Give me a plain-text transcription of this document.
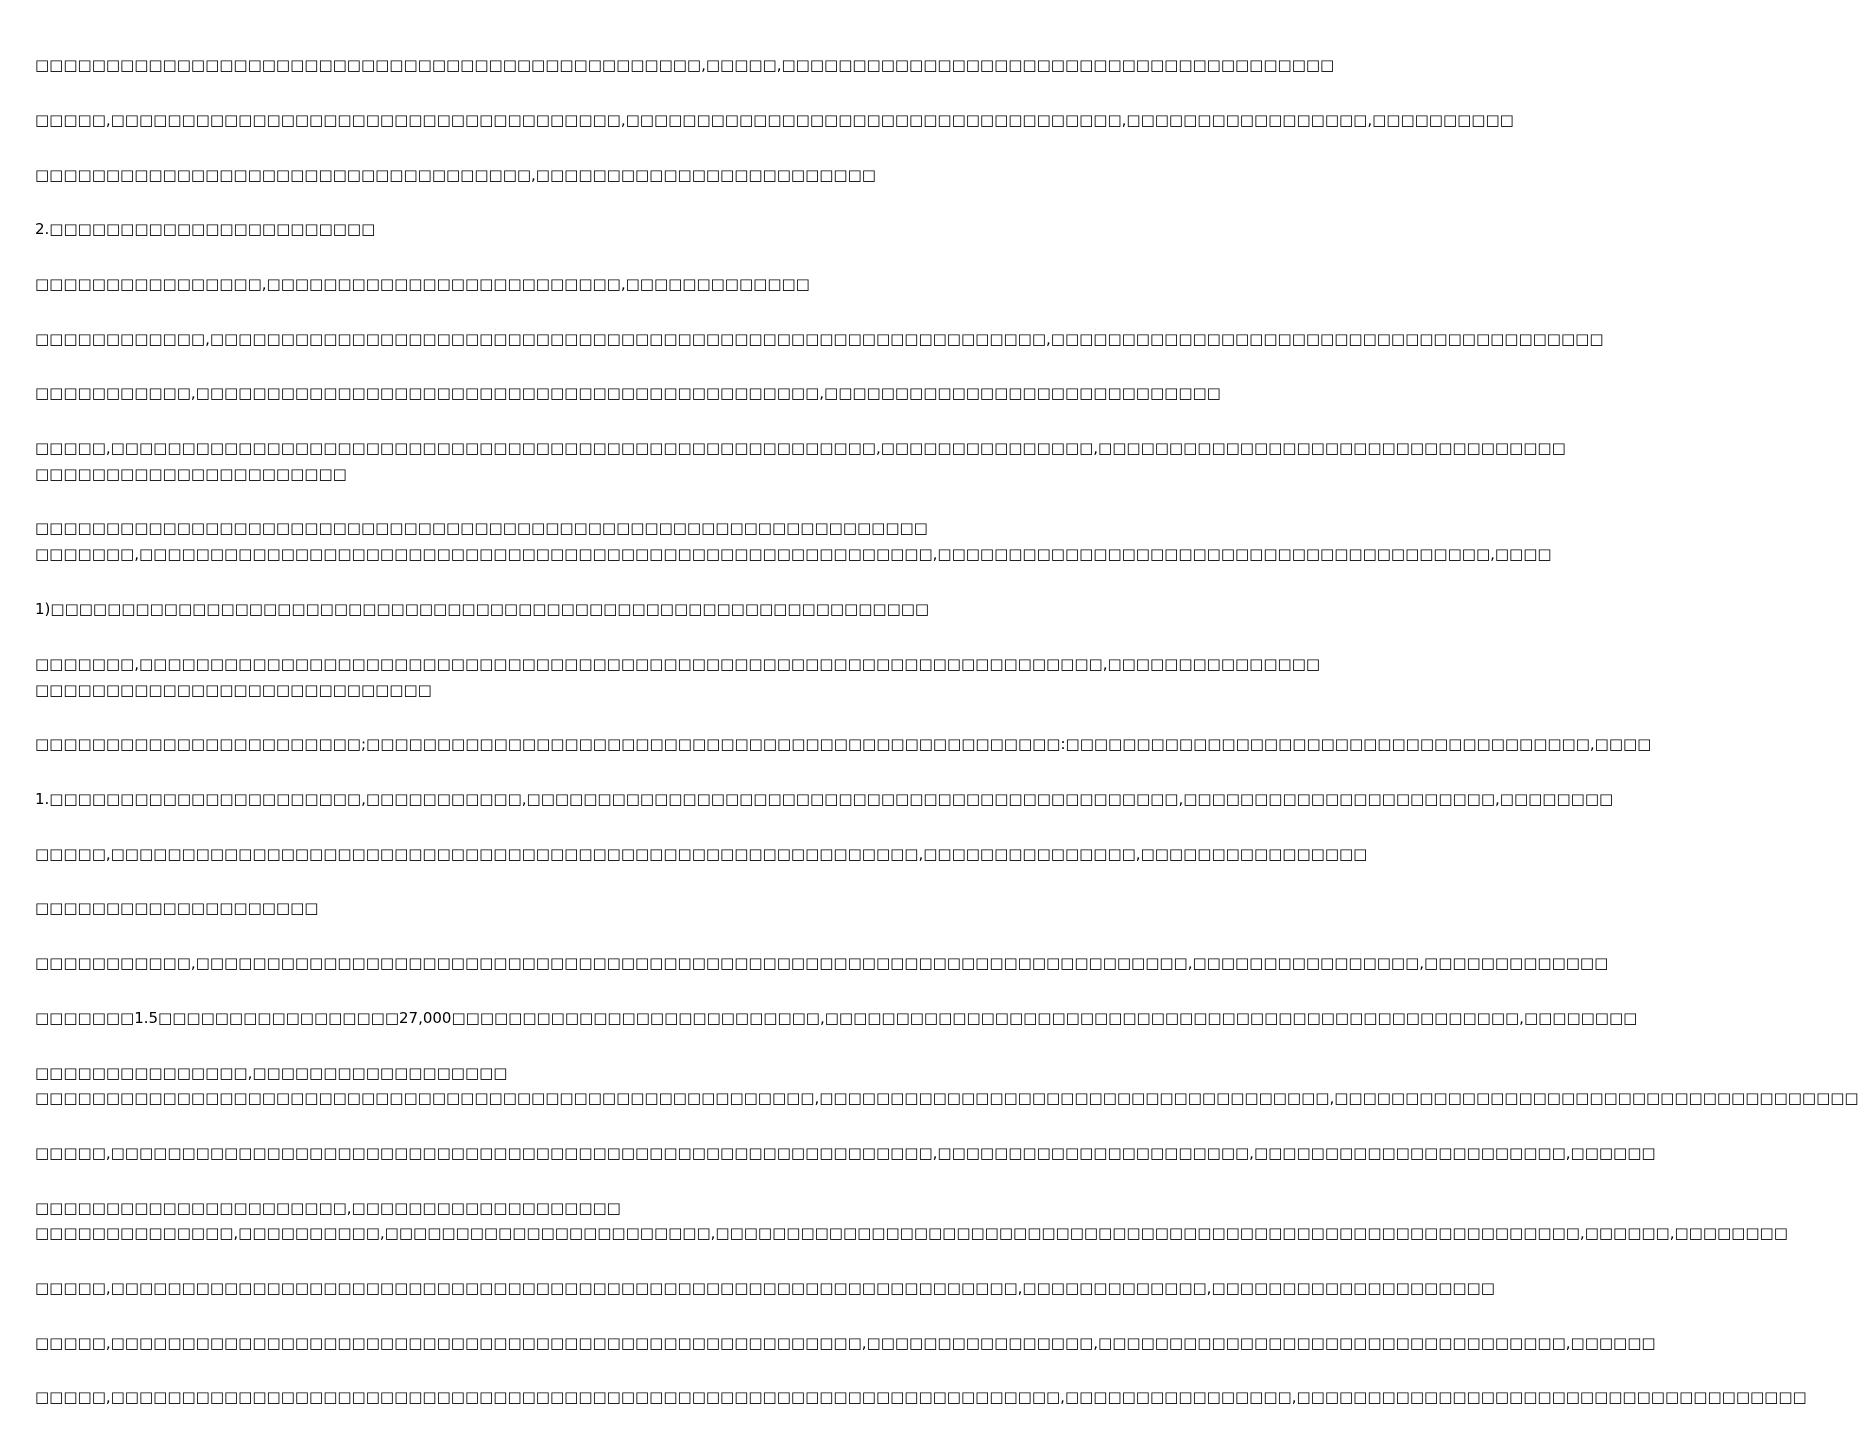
□□□□□□□□□□□□□□□□□□□□□□□□□□□□□□□□□□□□□□□□□□□□□□□,□□□□□,□□□□□□□□□□□□□□□□□□□□□□□□□□□□□□□□□□□□□□□
□□□□□,□□□□□□□□□□□□□□□□□□□□□□□□□□□□□□□□□□□□,□□□□□□□□□□□□□□□□□□□□□□□□□□□□□□□□□□□,□□□□□□□□□□□□□□□□□,□□□□□□□□□□
□□□□□□□□□□□□□□□□□□□□□□□□□□□□□□□□□□□,□□□□□□□□□□□□□□□□□□□□□□□□
2.□□□□□□□□□□□□□□□□□□□□□□□
□□□□□□□□□□□□□□□□,□□□□□□□□□□□□□□□□□□□□□□□□□,□□□□□□□□□□□□□
□□□□□□□□□□□□,□□□□□□□□□□□□□□□□□□□□□□□□□□□□□□□□□□□□□□□□□□□□□□□□□□□□□□□□□□□,□□□□□□□□□□□□□□□□□□□□□□□□□□□□□□□□□□□□□□□
□□□□□□□□□□□,□□□□□□□□□□□□□□□□□□□□□□□□□□□□□□□□□□□□□□□□□□□□,□□□□□□□□□□□□□□□□□□□□□□□□□□□□
□□□□□,□□□□□□□□□□□□□□□□□□□□□□□□□□□□□□□□□□□□□□□□□□□□□□□□□□□□□□,□□□□□□□□□□□□□□□,□□□□□□□□□□□□□□□□□□□□□□□□□□□□□□□□□
□□□□□□□□□□□□□□□□□□□□□□
□□□□□□□□□□□□□□□□□□□□□□□□□□□□□□□□□□□□□□□□□□□□□□□□□□□□□□□□□□□□□□□
□□□□□□□,□□□□□□□□□□□□□□□□□□□□□□□□□□□□□□□□□□□□□□□□□□□□□□□□□□□□□□□□,□□□□□□□□□□□□□□□□□□□□□□□□□□□□□□□□□□□□□□□,□□□□
1)□□□□□□□□□□□□□□□□□□□□□□□□□□□□□□□□□□□□□□□□□□□□□□□□□□□□□□□□□□□□□□
□□□□□□□,□□□□□□□□□□□□□□□□□□□□□□□□□□□□□□□□□□□□□□□□□□□□□□□□□□□□□□□□□□□□□□□□□□□□,□□□□□□□□□□□□□□□
□□□□□□□□□□□□□□□□□□□□□□□□□□□□
□□□□□□□□□□□□□□□□□□□□□□□;□□□□□□□□□□□□□□□□□□□□□□□□□□□□□□□□□□□□□□□□□□□□□□□□□:□□□□□□□□□□□□□□□□□□□□□□□□□□□□□□□□□□□□□,□□□□
1.□□□□□□□□□□□□□□□□□□□□□□,□□□□□□□□□□□,□□□□□□□□□□□□□□□□□□□□□□□□□□□□□□□□□□□□□□□□□□□□□□,□□□□□□□□□□□□□□□□□□□□□□,□□□□□□□□
□□□□□,□□□□□□□□□□□□□□□□□□□□□□□□□□□□□□□□□□□□□□□□□□□□□□□□□□□□□□□□□,□□□□□□□□□□□□□□□,□□□□□□□□□□□□□□□□
□□□□□□□□□□□□□□□□□□□□
□□□□□□□□□□□,□□□□□□□□□□□□□□□□□□□□□□□□□□□□□□□□□□□□□□□□□□□□□□□□□□□□□□□□□□□□□□□□□□□□□□,□□□□□□□□□□□□□□□□,□□□□□□□□□□□□□
□□□□□□□1.5□□□□□□□□□□□□□□□□□27,000□□□□□□□□□□□□□□□□□□□□□□□□□□,□□□□□□□□□□□□□□□□□□□□□□□□□□□□□□□□□□□□□□□□□□□□□□□□□,□□□□□□□□
□□□□□□□□□□□□□□□,□□□□□□□□□□□□□□□□□□
□□□□□□□□□□□□□□□□□□□□□□□□□□□□□□□□□□□□□□□□□□□□□□□□□□□□□□□,□□□□□□□□□□□□□□□□□□□□□□□□□□□□□□□□□□□□,□□□□□□□□□□□□□□□□□□□□□□□□□□□□□□□□□□□□□
□□□□□,□□□□□□□□□□□□□□□□□□□□□□□□□□□□□□□□□□□□□□□□□□□□□□□□□□□□□□□□□□,□□□□□□□□□□□□□□□□□□□□□□,□□□□□□□□□□□□□□□□□□□□□□,□□□□□□
□□□□□□□□□□□□□□□□□□□□□□,□□□□□□□□□□□□□□□□□□□
□□□□□□□□□□□□□□,□□□□□□□□□□,□□□□□□□□□□□□□□□□□□□□□□□,□□□□□□□□□□□□□□□□□□□□□□□□□□□□□□□□□□□□□□□□□□□□□□□□□□□□□□□□□□□□□,□□□□□□,□□□□□□□□
□□□□□,□□□□□□□□□□□□□□□□□□□□□□□□□□□□□□□□□□□□□□□□□□□□□□□□□□□□□□□□□□□□□□□□,□□□□□□□□□□□□□,□□□□□□□□□□□□□□□□□□□□
□□□□□,□□□□□□□□□□□□□□□□□□□□□□□□□□□□□□□□□□□□□□□□□□□□□□□□□□□□□,□□□□□□□□□□□□□□□□,□□□□□□□□□□□□□□□□□□□□□□□□□□□□□□□□□,□□□□□□
□□□□□,□□□□□□□□□□□□□□□□□□□□□□□□□□□□□□□□□□□□□□□□□□□□□□□□□□□□□□□□□□□□□□□□□□□,□□□□□□□□□□□□□□□□,□□□□□□□□□□□□□□□□□□□□□□□□□□□□□□□□□□□□
